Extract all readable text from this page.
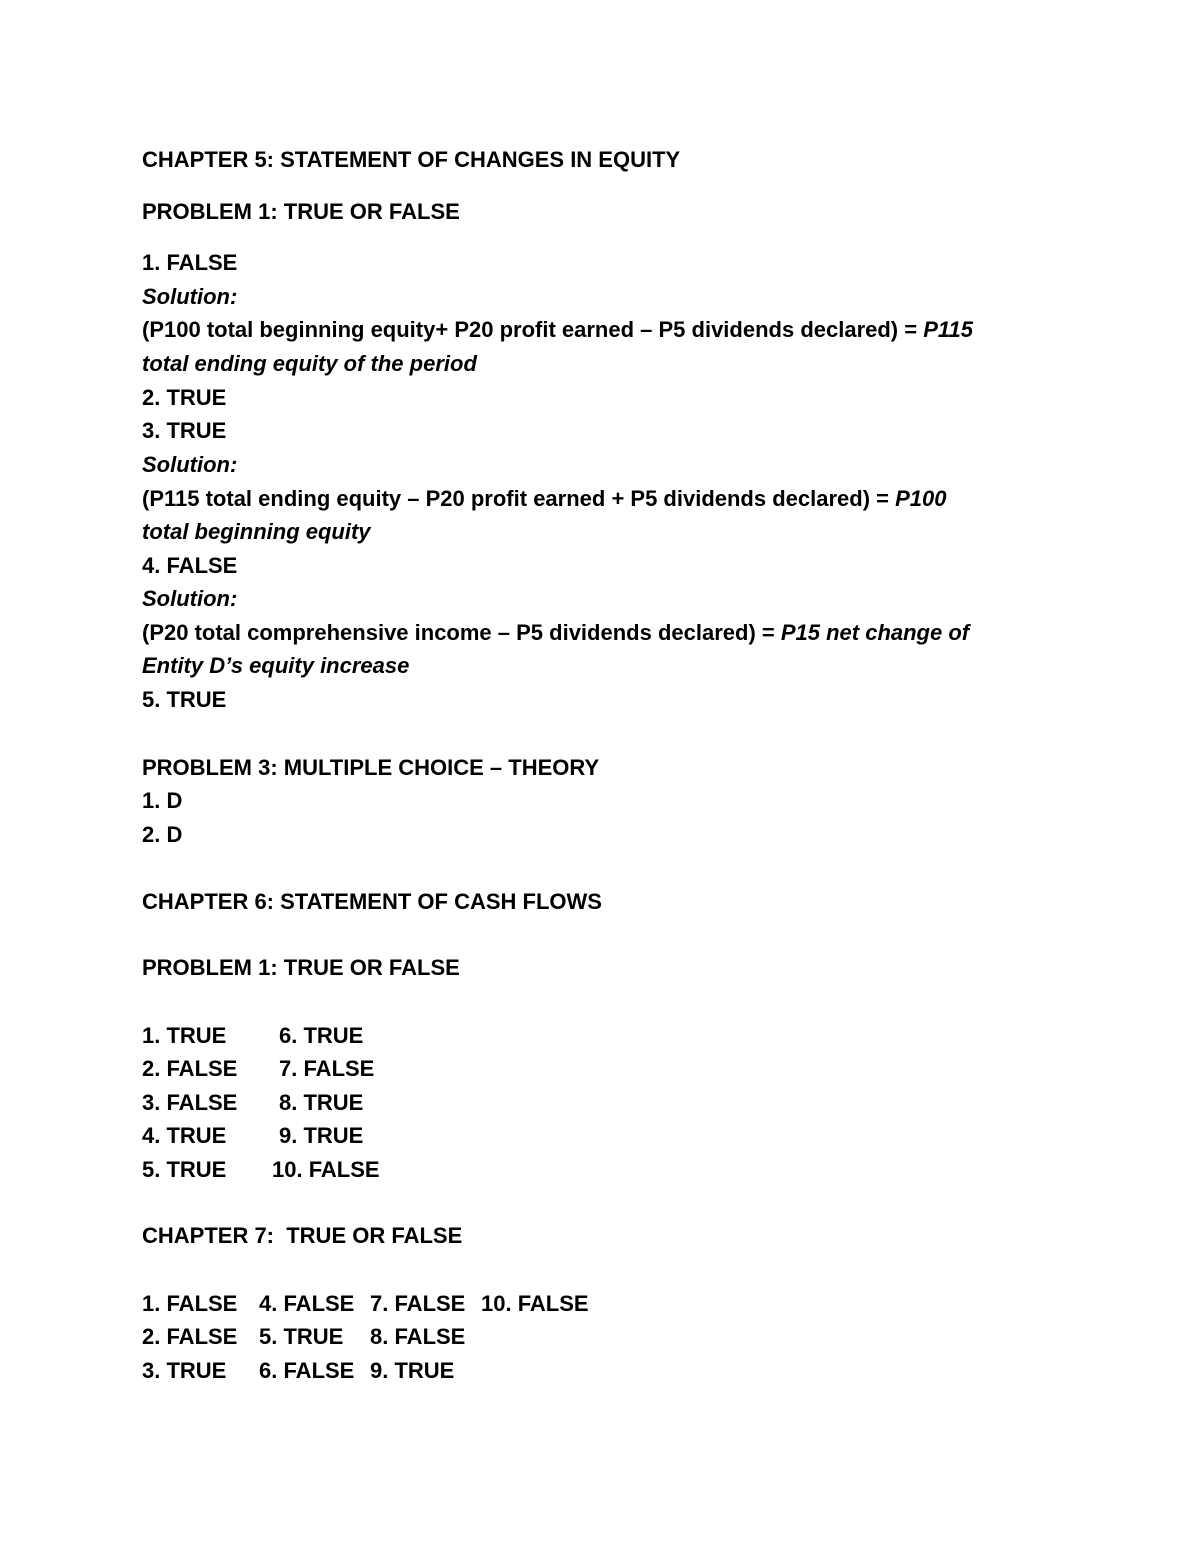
CHAPTER 5: STATEMENT OF CHANGES IN EQUITY
PROBLEM 1: TRUE OR FALSE
1. FALSE
Solution:
(P100 total beginning equity+ P20 profit earned – P5 dividends declared) = P115
total ending equity of the period
2. TRUE
3. TRUE
Solution:
(P115 total ending equity – P20 profit earned + P5 dividends declared) = P100
total beginning equity
4. FALSE
Solution:
(P20 total comprehensive income – P5 dividends declared) = P15 net change of
Entity D’s equity increase
5. TRUE
PROBLEM 3: MULTIPLE CHOICE – THEORY
1. D
2. D
CHAPTER 6: STATEMENT OF CASH FLOWS
PROBLEM 1: TRUE OR FALSE
1. TRUE
2. FALSE
3. FALSE
4. TRUE
5. TRUE
6. TRUE
7. FALSE
8. TRUE
9. TRUE
10. FALSE
CHAPTER 7:  TRUE OR FALSE
1. FALSE
2. FALSE
3. TRUE
4. FALSE
5. TRUE
6. FALSE
7. FALSE
8. FALSE
9. TRUE
10. FALSE
